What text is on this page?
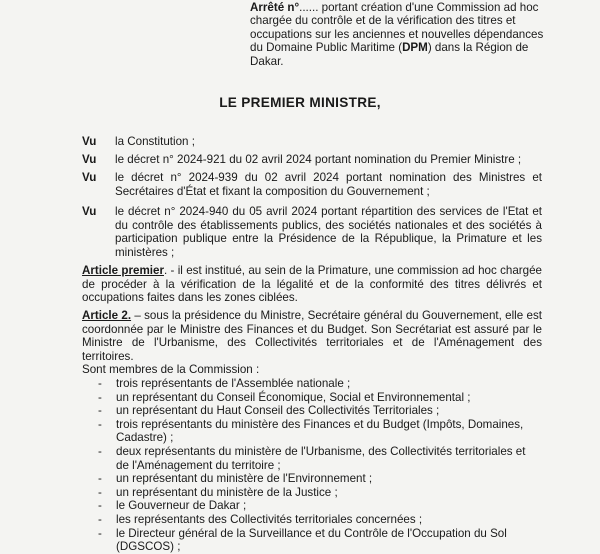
Arrêté n°...... portant création d'une Commission ad hoc chargée du contrôle et de la vérification des titres et occupations sur les anciennes et nouvelles dépendances du Domaine Public Maritime (DPM) dans la Région de Dakar.
LE PREMIER MINISTRE,
Vu la Constitution ;
Vu le décret n° 2024-921 du 02 avril 2024 portant nomination du Premier Ministre ;
Vu le décret n° 2024-939 du 02 avril 2024 portant nomination des Ministres et Secrétaires d'État et fixant la composition du Gouvernement ;
Vu le décret n° 2024-940 du 05 avril 2024 portant répartition des services de l'Etat et du contrôle des établissements publics, des sociétés nationales et des sociétés à participation publique entre la Présidence de la République, la Primature et les ministères ;
Article premier. - il est institué, au sein de la Primature, une commission ad hoc chargée de procéder à la vérification de la légalité et de la conformité des titres délivrés et occupations faites dans les zones ciblées.
Article 2. – sous la présidence du Ministre, Secrétaire général du Gouvernement, elle est coordonnée par le Ministre des Finances et du Budget. Son Secrétariat est assuré par le Ministre de l'Urbanisme, des Collectivités territoriales et de l'Aménagement des territoires.
Sont membres de la Commission :
- trois représentants de l'Assemblée nationale ;
- un représentant du Conseil Économique, Social et Environnemental ;
- un représentant du Haut Conseil des Collectivités Territoriales ;
- trois représentants du ministère des Finances et du Budget (Impôts, Domaines, Cadastre) ;
- deux représentants du ministère de l'Urbanisme, des Collectivités territoriales et de l'Aménagement du territoire ;
- un représentant du ministère de l'Environnement ;
- un représentant du ministère de la Justice ;
- le Gouverneur de Dakar ;
- les représentants des Collectivités territoriales concernées ;
- le Directeur général de la Surveillance et du Contrôle de l'Occupation du Sol (DGSCOS) ;
